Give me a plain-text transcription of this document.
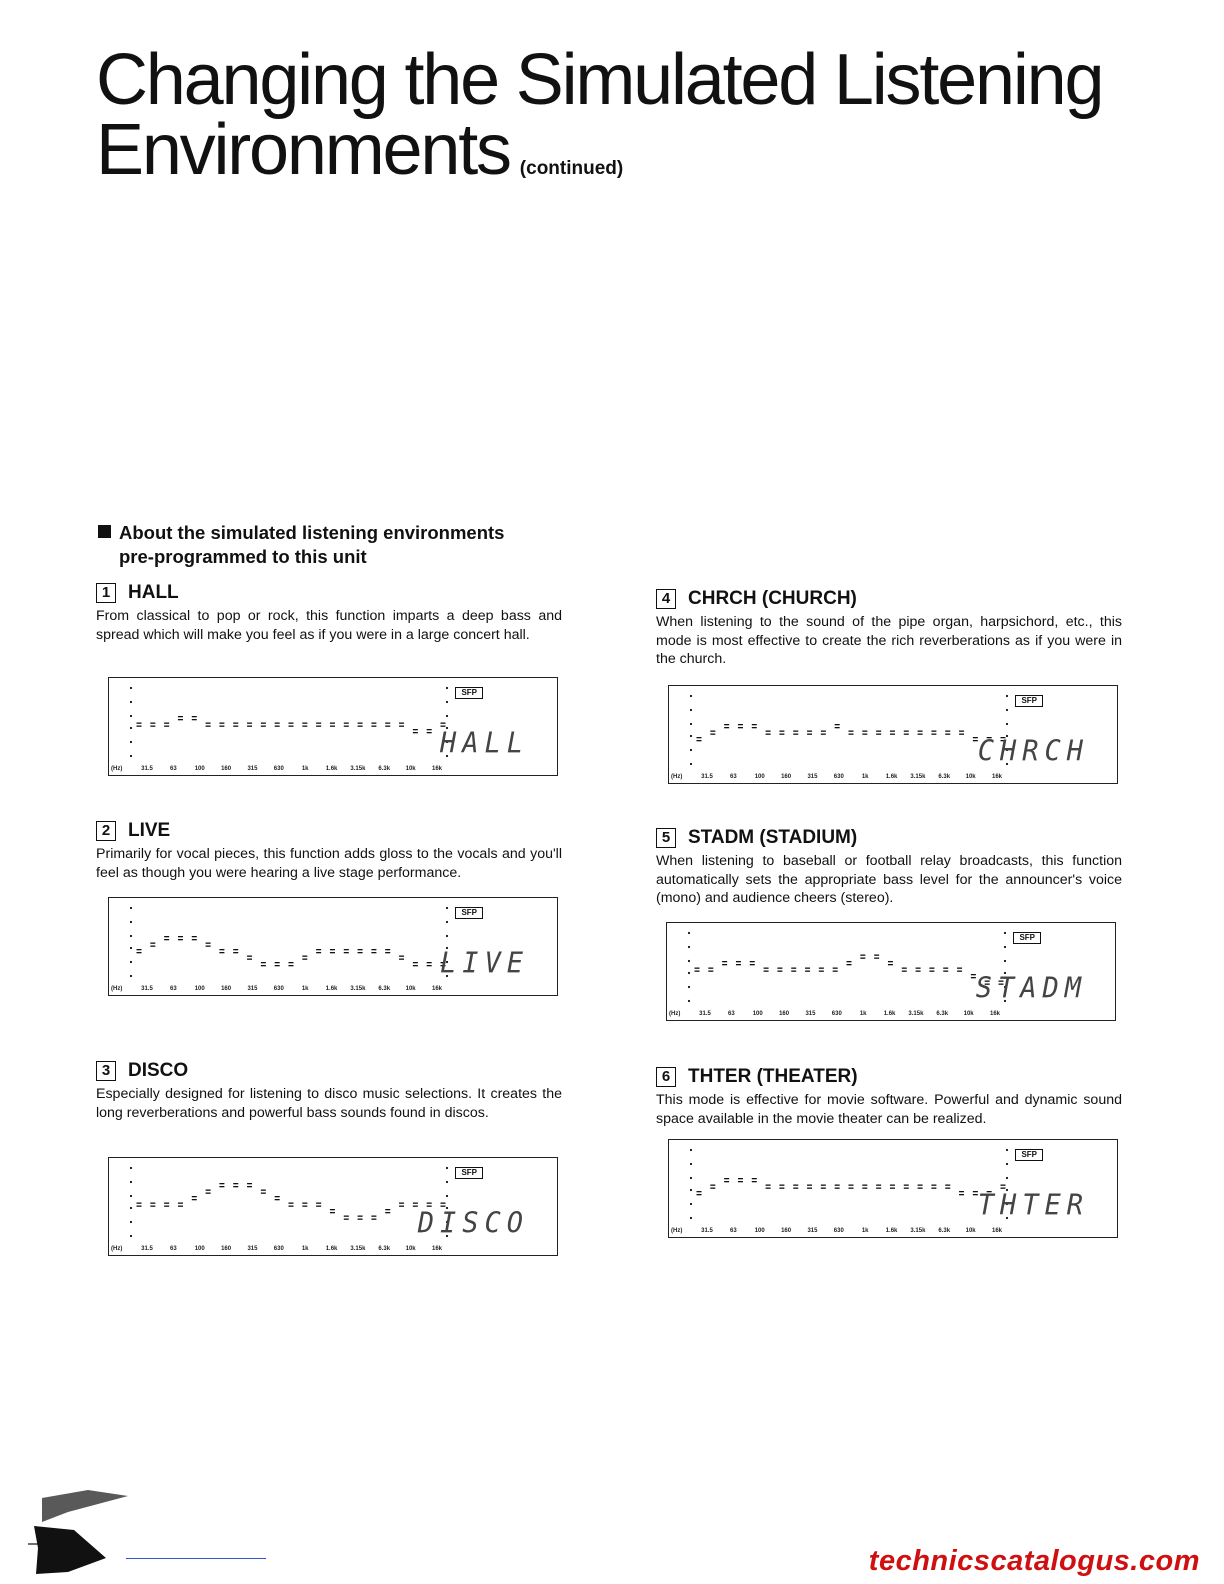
Changing the Simulated Listening
Environments (continued)

About the simulated listening environments
pre-programmed to this unit

1 HALL
From classical to pop or rock, this function imparts a deep bass and spread which will make you feel as if you were in a large concert hall.
HALL
SFP
(Hz)	31.5	63	100	160	315	630	1k	1.6k 3.15k 6.3k	10k	16k
2 LIVE
Primarily for vocal pieces, this function adds gloss to the vocals and you'll feel as though you were hearing a live stage performance.
LIVE
SFP
(Hz)	31.5	63	100	160	315	630	1k	1.6k 3.15k 6.3k	10k	16k
3 DISCO
Especially designed for listening to disco music selections. It creates the long reverberations and powerful bass sounds found in discos.
DISCO
SFP
(Hz)	31.5	63	100	160	315	630	1k	1.6k 3.15k 6.3k	10k	16k
4 CHRCH (CHURCH)
When listening to the sound of the pipe organ, harpsichord, etc., this mode is most effective to create the rich reverberations as if you were in the church.
CHRCH
SFP
(Hz)	31.5	63	100	160	315	630	1k	1.6k 3.15k 6.3k	10k	16k
5 STADM (STADIUM)
When listening to baseball or football relay broadcasts, this function automatically sets the appropriate bass level for the announcer's voice (mono) and audience cheers (stereo).
STADM
SFP
(Hz)	31.5	63	100	160	315	630	1k	1.6k 3.15k 6.3k	10k	16k
6 THTER (THEATER)
This mode is effective for movie software. Powerful and dynamic sound space available in the movie theater can be realized.
THTER
SFP
(Hz)	31.5	63	100	160	315	630	1k	1.6k 3.15k 6.3k	10k	16k
technicscatalogus.com
